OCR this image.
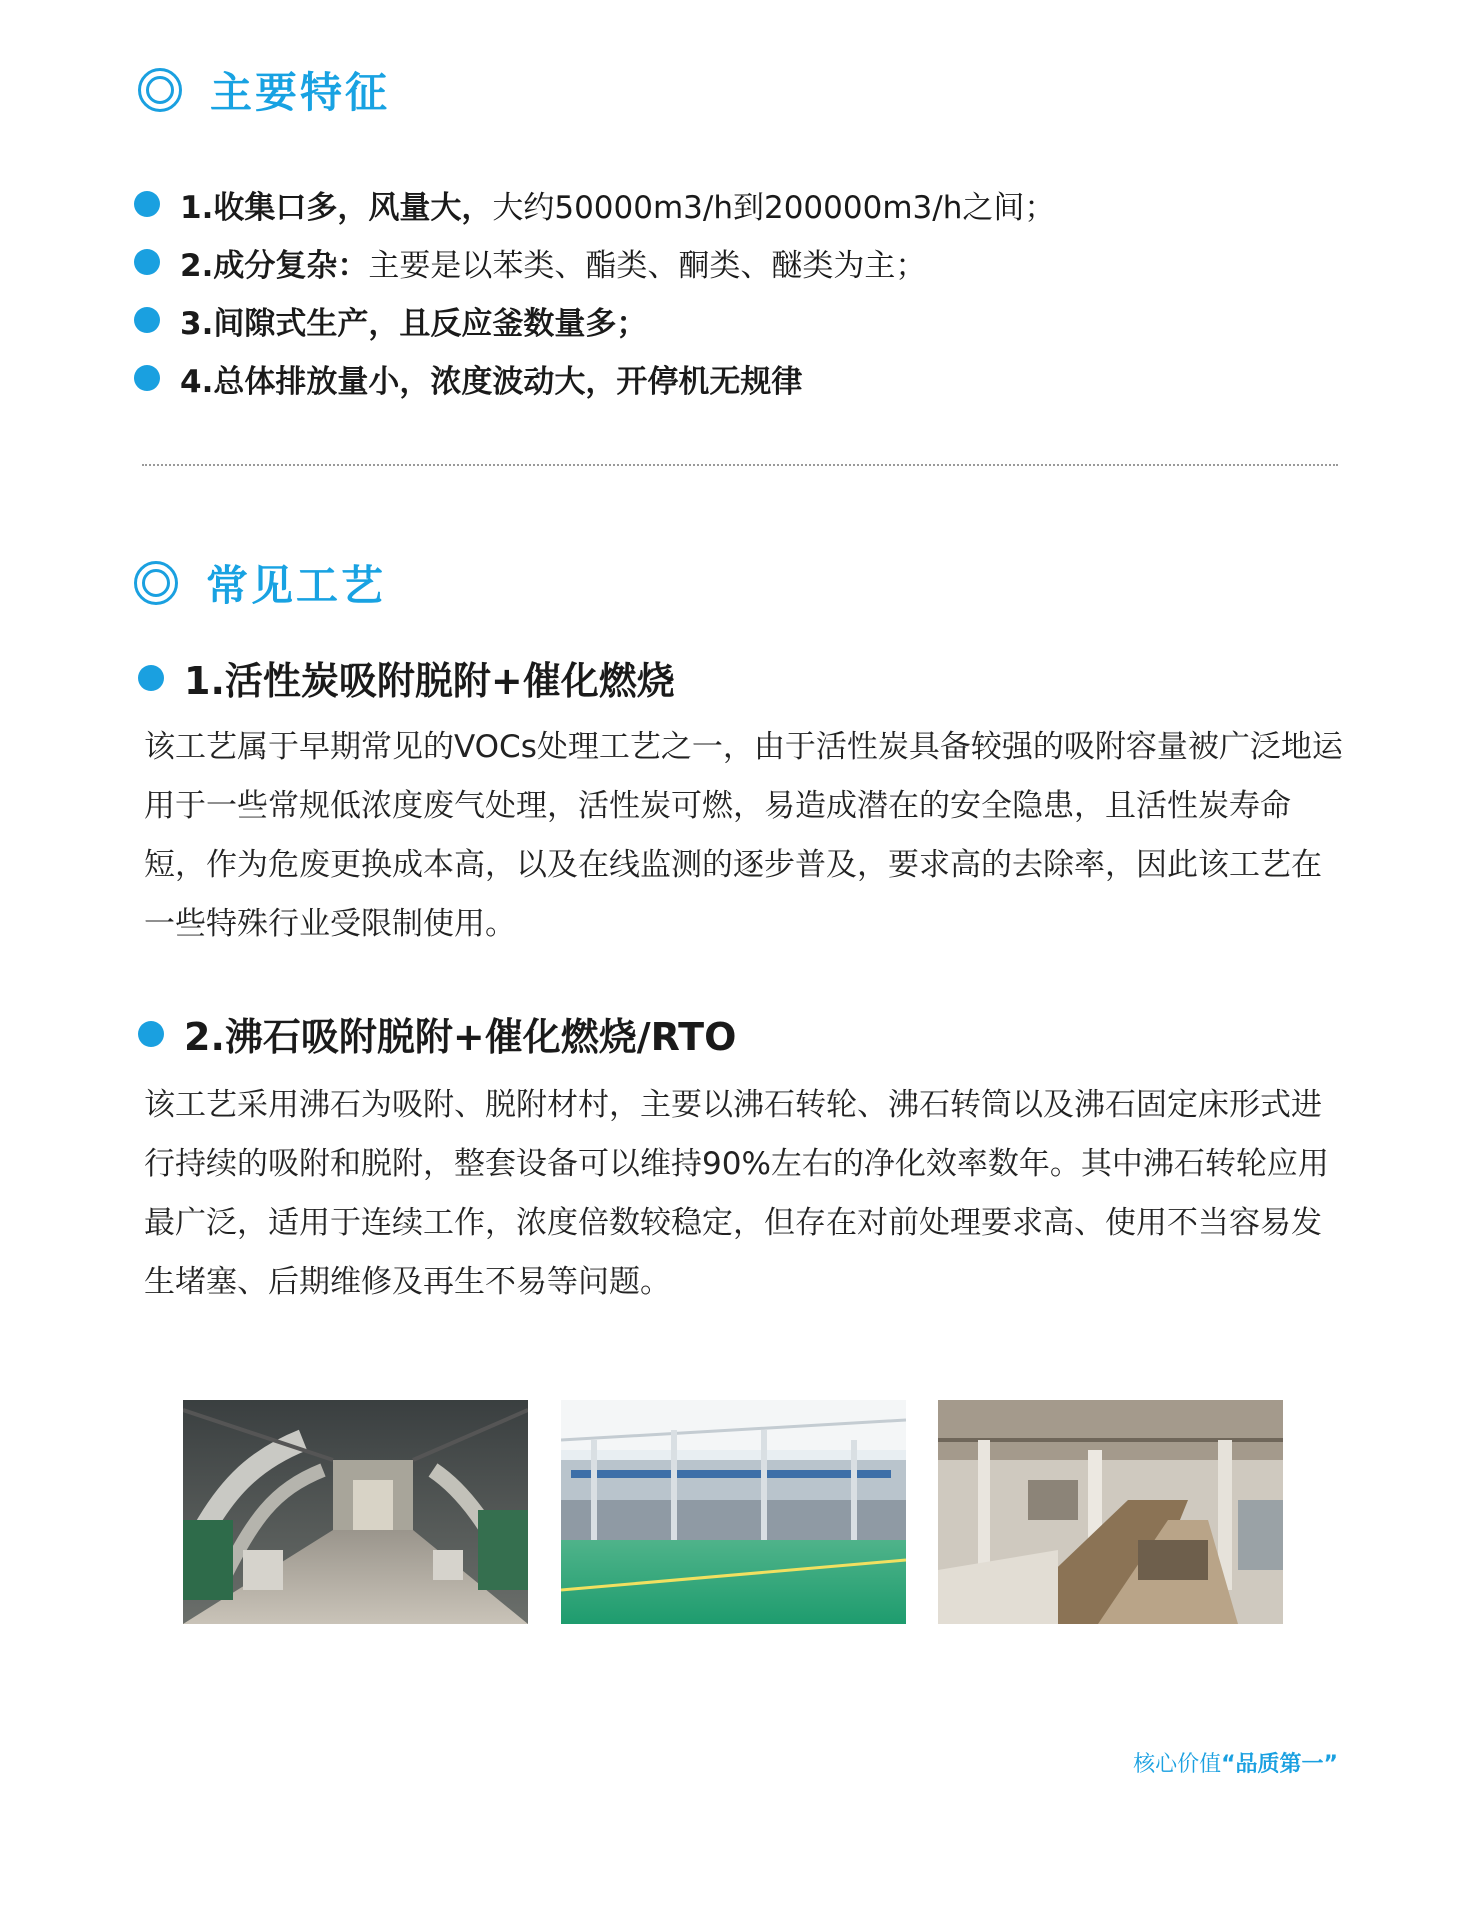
主要特征
1.收集口多，风量大， 大约50000m3/h到200000m3/h之间；
2.成分复杂： 主要是以苯类、酯类、酮类、醚类为主；
3.间隙式生产，且反应釜数量多；
4.总体排放量小，浓度波动大，开停机无规律
常见工艺
1.活性炭吸附脱附+催化燃烧
该工艺属于早期常见的VOCs处理工艺之一，由于活性炭具备较强的吸附容量被广泛地运用于一些常规低浓度废气处理，活性炭可燃，易造成潜在的安全隐患，且活性炭寿命短，作为危废更换成本高，以及在线监测的逐步普及，要求高的去除率，因此该工艺在一些特殊行业受限制使用。
2.沸石吸附脱附+催化燃烧/RTO
该工艺采用沸石为吸附、脱附材村，主要以沸石转轮、沸石转筒以及沸石固定床形式进行持续的吸附和脱附，整套设备可以维持90%左右的净化效率数年。其中沸石转轮应用最广泛，适用于连续工作，浓度倍数较稳定，但存在对前处理要求高、使用不当容易发生堵塞、后期维修及再生不易等问题。
核心价值“品质第一”
